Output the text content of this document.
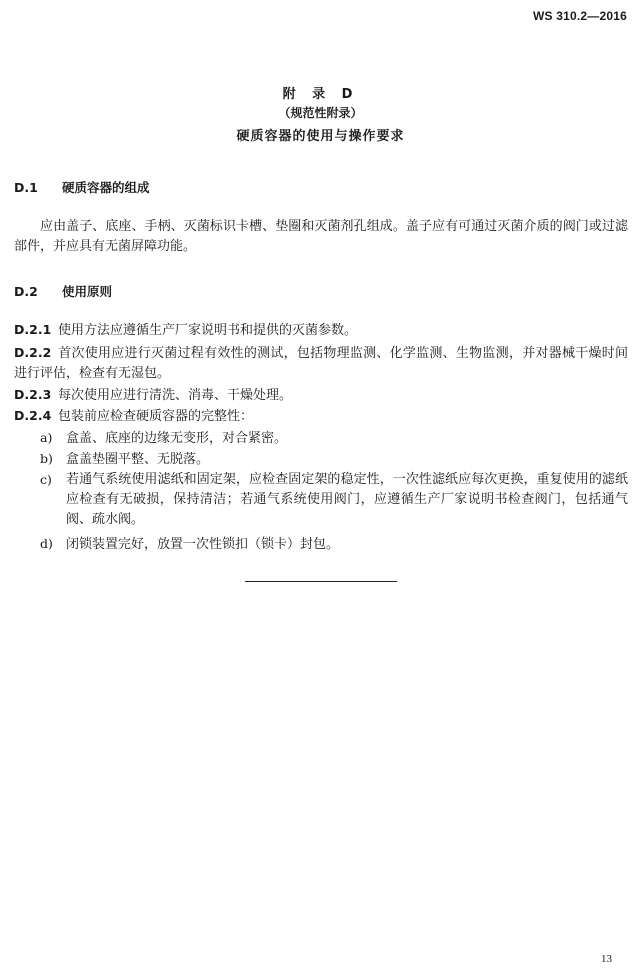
WS 310.2—2016
附 录 D
（规范性附录）
硬质容器的使用与操作要求
D.1 硬质容器的组成
应由盖子、底座、手柄、灭菌标识卡槽、垫圈和灭菌剂孔组成。盖子应有可通过灭菌介质的阀门或过滤部件，并应具有无菌屏障功能。
D.2 使用原则
D.2.1 使用方法应遵循生产厂家说明书和提供的灭菌参数。
D.2.2 首次使用应进行灭菌过程有效性的测试，包括物理监测、化学监测、生物监测，并对器械干燥时间进行评估，检查有无湿包。
D.2.3 每次使用应进行清洗、消毒、干燥处理。
D.2.4 包装前应检查硬质容器的完整性：
a) 盒盖、底座的边缘无变形，对合紧密。
b) 盒盖垫圈平整、无脱落。
c)	若通气系统使用滤纸和固定架，应检查固定架的稳定性，一次性滤纸应每次更换，重复使用的滤纸应检查有无破损，保持清洁；若通气系统使用阀门，应遵循生产厂家说明书检查阀门，包括通气阀、疏水阀。
d) 闭锁装置完好，放置一次性锁扣（锁卡）封包。
13
